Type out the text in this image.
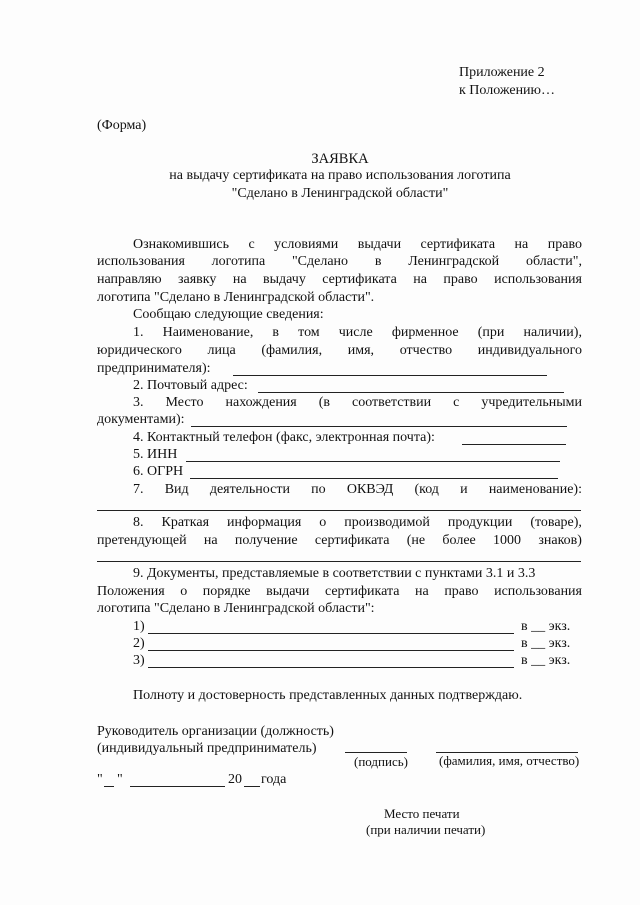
Приложение 2
к Положению…
(Форма)
ЗАЯВКА
на выдачу сертификата на право использования логотипа
"Сделано в Ленинградской области"
Ознакомившись с условиями выдачи сертификата на право
использования логотипа "Сделано в Ленинградской области",
направляю заявку на выдачу сертификата на право использования
логотипа "Сделано в Ленинградской области".
Сообщаю следующие сведения:
1. Наименование, в том числе фирменное (при наличии),
юридического лица (фамилия, имя, отчество индивидуального
предпринимателя):
2. Почтовый адрес:
3. Место нахождения (в соответствии с учредительными
документами):
4. Контактный телефон (факс, электронная почта):
5. ИНН
6. ОГРН
7. Вид деятельности по ОКВЭД (код и наименование):
8. Краткая информация о производимой продукции (товаре),
претендующей на получение сертификата (не более 1000 знаков)
9. Документы, представляемые в соответствии с пунктами 3.1 и 3.3
Положения о порядке выдачи сертификата на право использования
логотипа "Сделано в Ленинградской области":
1)	в __ экз.
2)	в __ экз.
3)	в __ экз.
Полноту и достоверность представленных данных подтверждаю.
Руководитель организации (должность)
(индивидуальный предприниматель)
(подпись) (фамилия, имя, отчество)
" "	20 года
Место печати
(при наличии печати)
